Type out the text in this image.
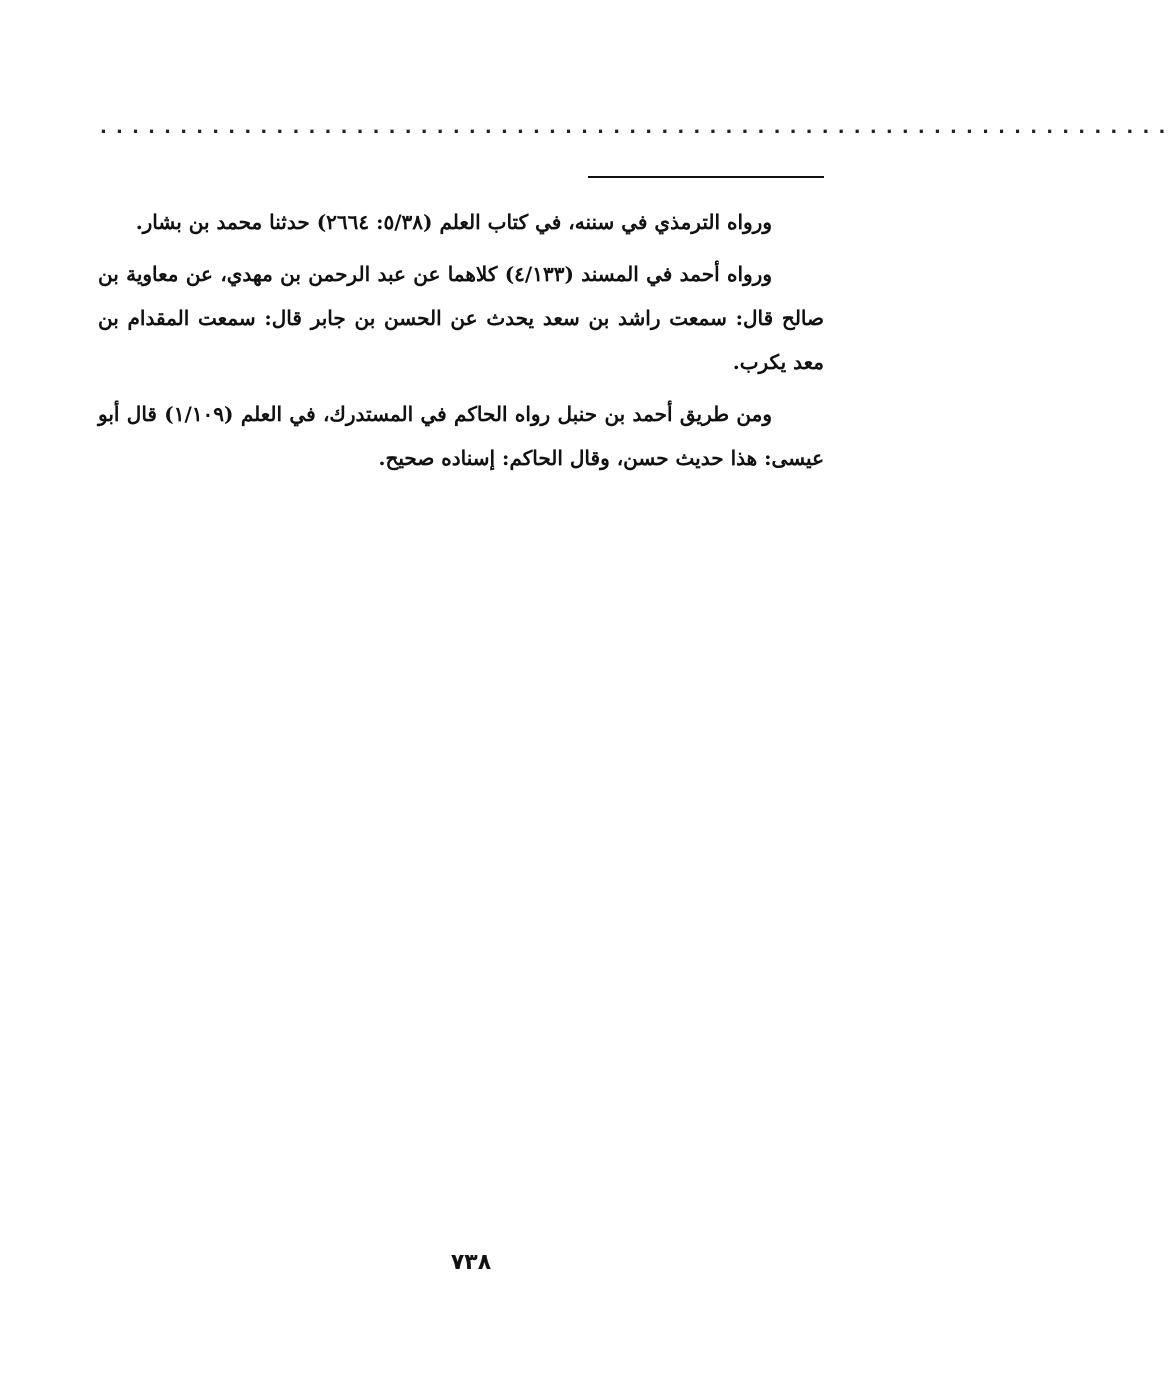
...................................................................

ورواه الترمذي في سننه، في كتاب العلم (٥/٣٨: ٢٦٦٤) حدثنا محمد بن بشار.

ورواه أحمد في المسند (٤/١٣٣) كلاهما عن عبد الرحمن بن مهدي، عن معاوية بن صالح قال: سمعت راشد بن سعد يحدث عن الحسن بن جابر قال: سمعت المقدام بن معد يكرب.

ومن طريق أحمد بن حنبل رواه الحاكم في المستدرك، في العلم (١/١٠٩) قال أبو عيسى: هذا حديث حسن، وقال الحاكم: إسناده صحيح.

٧٣٨
